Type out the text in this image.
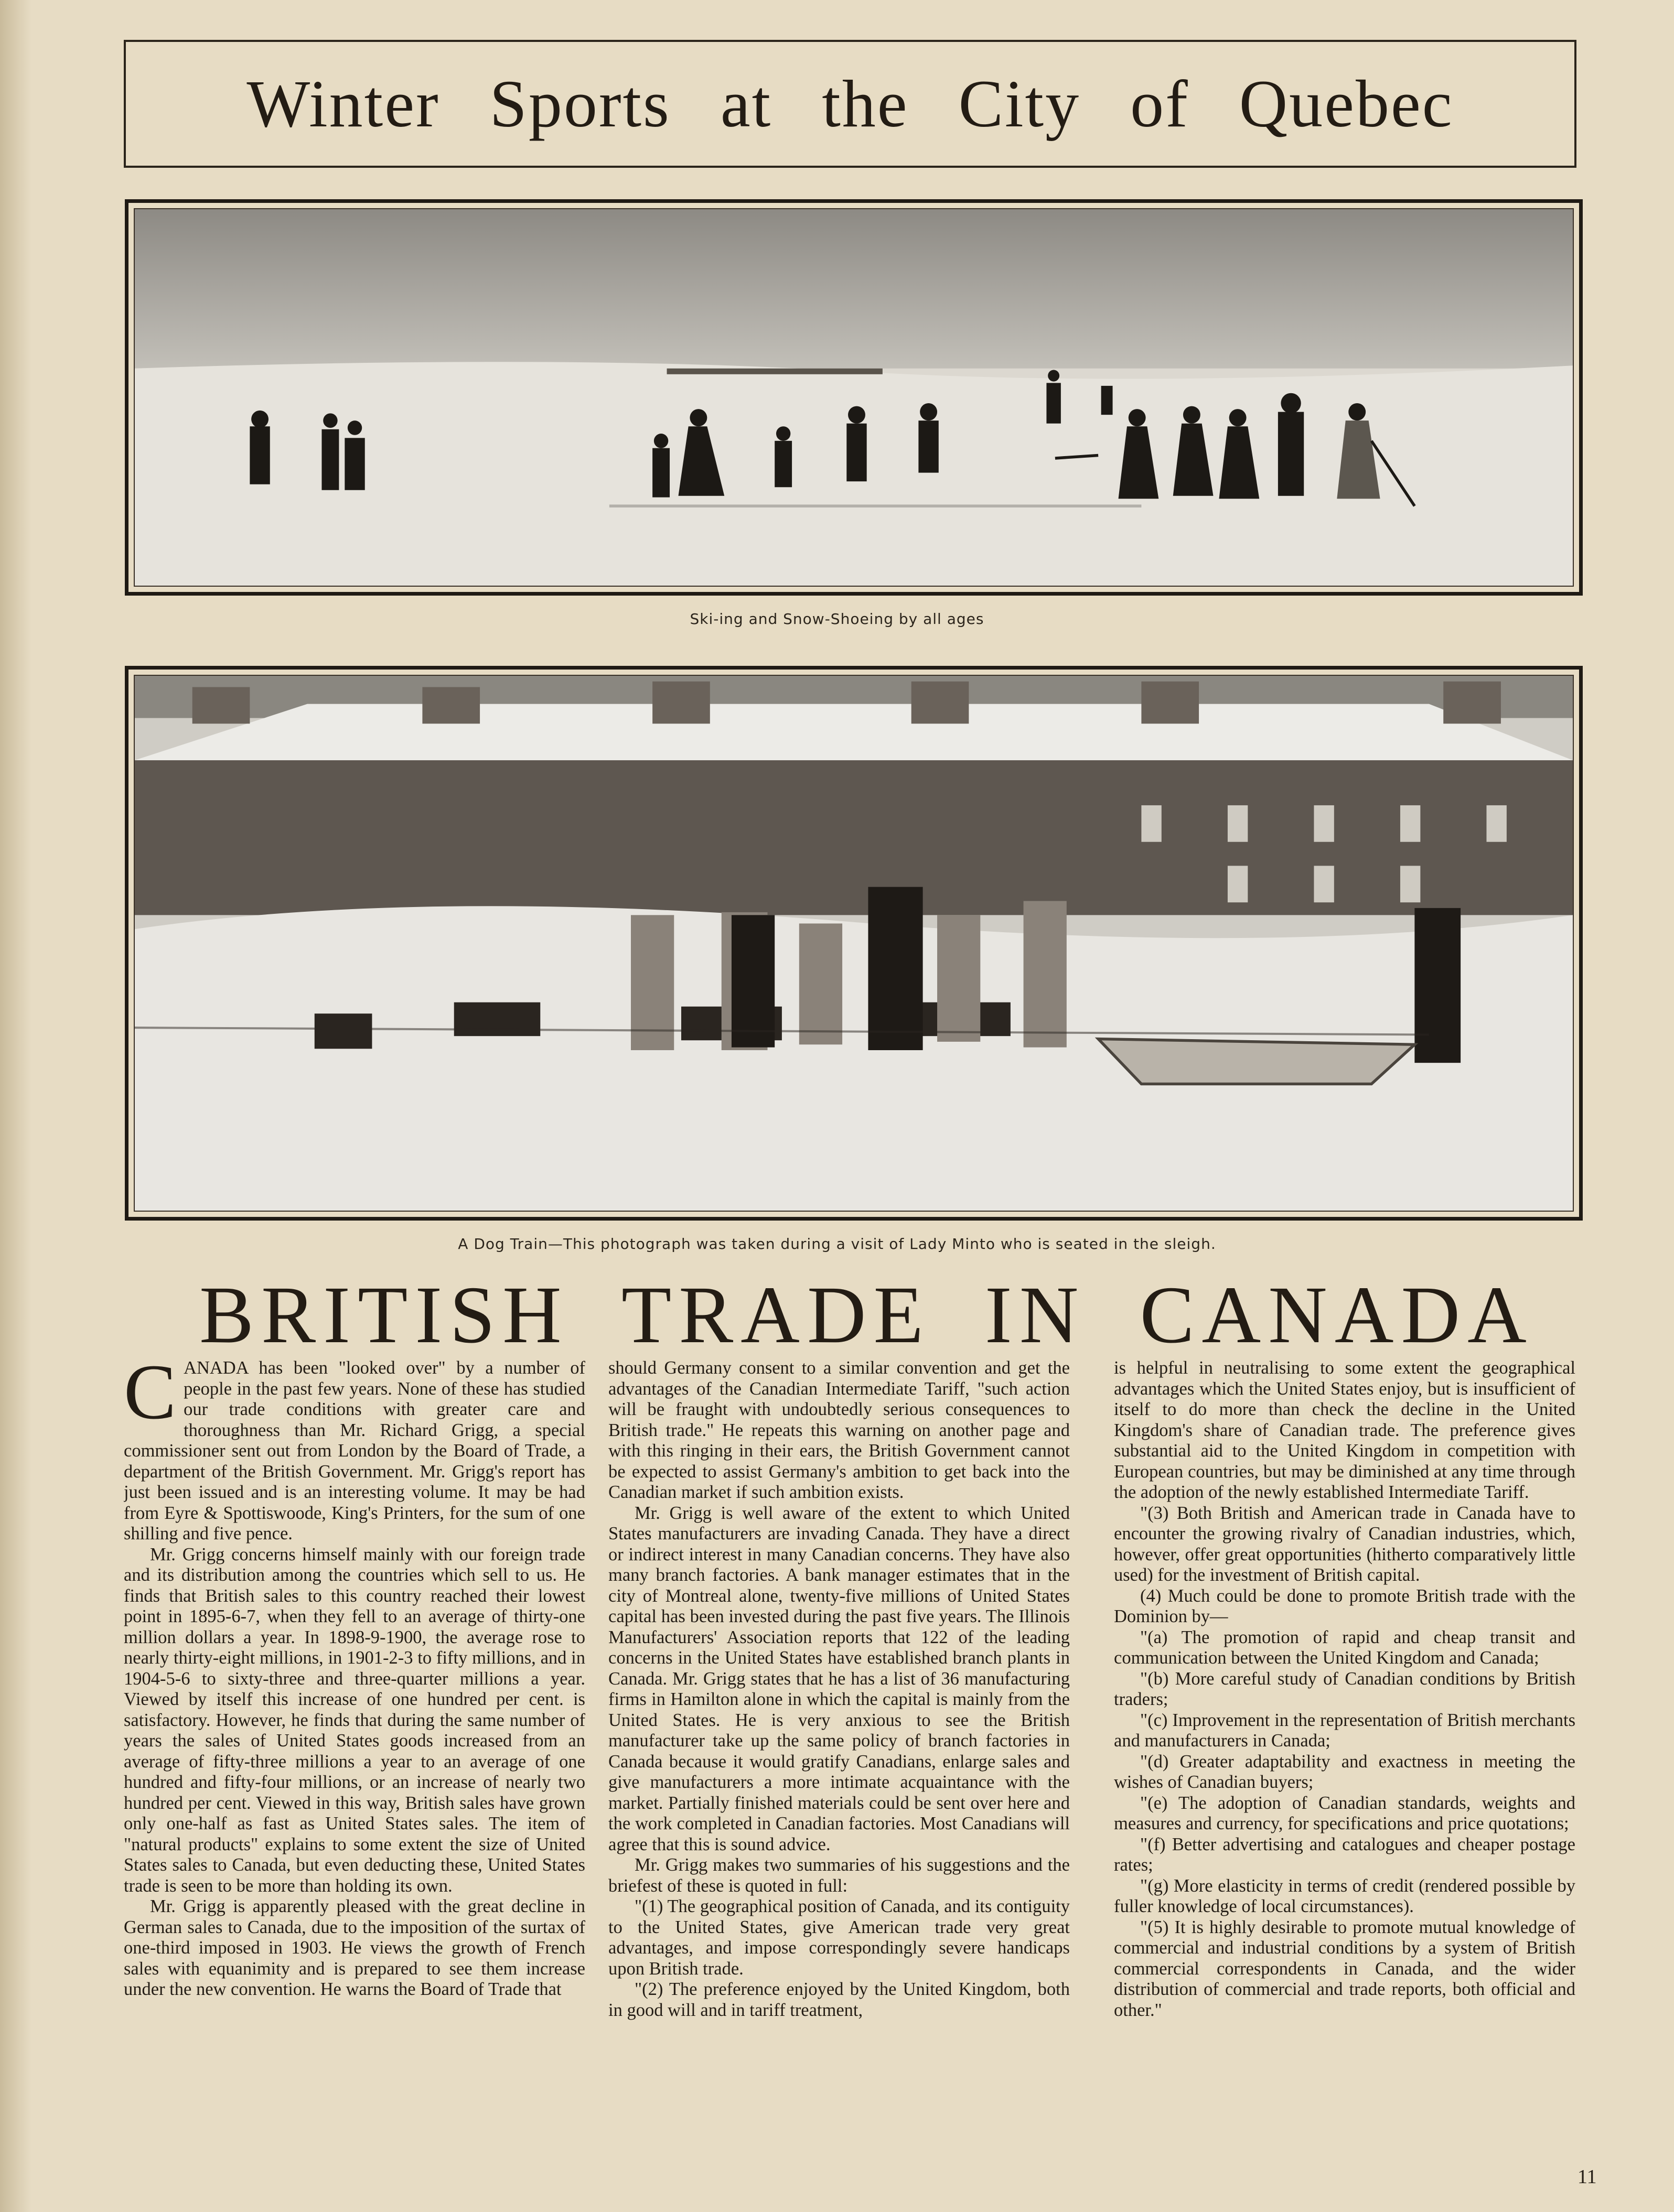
Winter Sports at the City of Quebec
Ski-ing and Snow-Shoeing by all ages
A Dog Train—This photograph was taken during a visit of Lady Minto who is seated in the sleigh.
BRITISH TRADE IN CANADA
C ANADA has been "looked over" by a number of people in the past few years. None of these has studied our trade conditions with greater care and thoroughness than Mr. Richard Grigg, a special commissioner sent out from London by the Board of Trade, a department of the British Government. Mr. Grigg's report has just been issued and is an interesting volume. It may be had from Eyre & Spottiswoode, King's Printers, for the sum of one shilling and five pence.

Mr. Grigg concerns himself mainly with our foreign trade and its distribution among the countries which sell to us. He finds that British sales to this country reached their lowest point in 1895-6-7, when they fell to an average of thirty-one million dollars a year. In 1898-9-1900, the average rose to nearly thirty-eight millions, in 1901-2-3 to fifty millions, and in 1904-5-6 to sixty-three and three-quarter millions a year. Viewed by itself this increase of one hundred per cent. is satisfactory. However, he finds that during the same number of years the sales of United States goods increased from an average of fifty-three millions a year to an average of one hundred and fifty-four millions, or an increase of nearly two hundred per cent. Viewed in this way, British sales have grown only one-half as fast as United States sales. The item of "natural products" explains to some extent the size of United States sales to Canada, but even deducting these, United States trade is seen to be more than holding its own.

Mr. Grigg is apparently pleased with the great decline in German sales to Canada, due to the imposition of the surtax of one-third imposed in 1903. He views the growth of French sales with equanimity and is prepared to see them increase under the new convention. He warns the Board of Trade that

should Germany consent to a similar convention and get the advantages of the Canadian Intermediate Tariff, "such action will be fraught with undoubtedly serious consequences to British trade." He repeats this warning on another page and with this ringing in their ears, the British Government cannot be expected to assist Germany's ambition to get back into the Canadian market if such ambition exists.

Mr. Grigg is well aware of the extent to which United States manufacturers are invading Canada. They have a direct or indirect interest in many Canadian concerns. They have also many branch factories. A bank manager estimates that in the city of Montreal alone, twenty-five millions of United States capital has been invested during the past five years. The Illinois Manufacturers' Association reports that 122 of the leading concerns in the United States have established branch plants in Canada. Mr. Grigg states that he has a list of 36 manufacturing firms in Hamilton alone in which the capital is mainly from the United States. He is very anxious to see the British manufacturer take up the same policy of branch factories in Canada because it would gratify Canadians, enlarge sales and give manufacturers a more intimate acquaintance with the market. Partially finished materials could be sent over here and the work completed in Canadian factories. Most Canadians will agree that this is sound advice.

Mr. Grigg makes two summaries of his suggestions and the briefest of these is quoted in full:

"(1) The geographical position of Canada, and its contiguity to the United States, give American trade very great advantages, and impose correspondingly severe handicaps upon British trade.

"(2) The preference enjoyed by the United Kingdom, both in good will and in tariff treatment,

is helpful in neutralising to some extent the geographical advantages which the United States enjoy, but is insufficient of itself to do more than check the decline in the United Kingdom's share of Canadian trade. The preference gives substantial aid to the United Kingdom in competition with European countries, but may be diminished at any time through the adoption of the newly established Intermediate Tariff.

"(3) Both British and American trade in Canada have to encounter the growing rivalry of Canadian industries, which, however, offer great opportunities (hitherto comparatively little used) for the investment of British capital.

(4) Much could be done to promote British trade with the Dominion by—

"(a) The promotion of rapid and cheap transit and communication between the United Kingdom and Canada;

"(b) More careful study of Canadian conditions by British traders;

"(c) Improvement in the representation of British merchants and manufacturers in Canada;

"(d) Greater adaptability and exactness in meeting the wishes of Canadian buyers;

"(e) The adoption of Canadian standards, weights and measures and currency, for specifications and price quotations;

"(f) Better advertising and catalogues and cheaper postage rates;

"(g) More elasticity in terms of credit (rendered possible by fuller knowledge of local circumstances).

"(5) It is highly desirable to promote mutual knowledge of commercial and industrial conditions by a system of British commercial correspondents in Canada, and the wider distribution of commercial and trade reports, both official and other."

11
